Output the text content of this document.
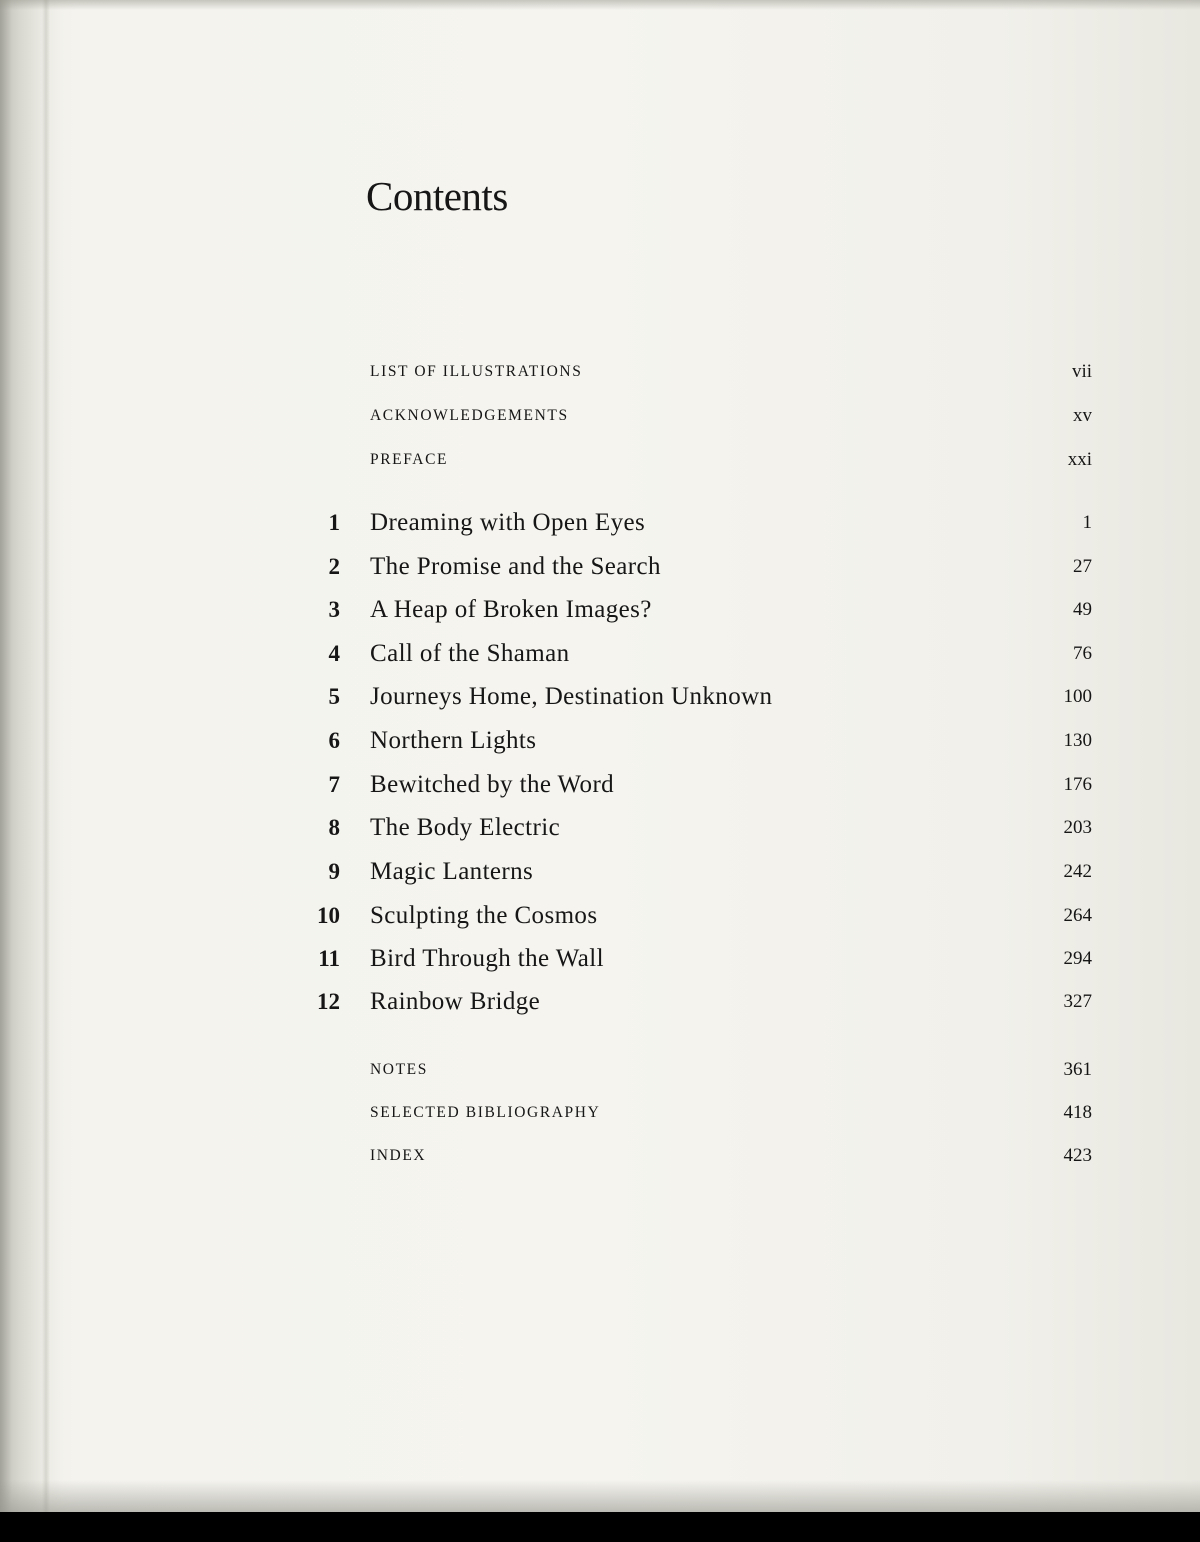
Contents
LIST OF ILLUSTRATIONS	vii
ACKNOWLEDGEMENTS	xv
PREFACE	xxi
1 Dreaming with Open Eyes	1
2 The Promise and the Search	27
3 A Heap of Broken Images?	49
4 Call of the Shaman	76
5 Journeys Home, Destination Unknown	100
6 Northern Lights	130
7 Bewitched by the Word	176
8 The Body Electric	203
9 Magic Lanterns	242
10 Sculpting the Cosmos	264
11 Bird Through the Wall	294
12 Rainbow Bridge	327
NOTES	361
SELECTED BIBLIOGRAPHY	418
INDEX	423
